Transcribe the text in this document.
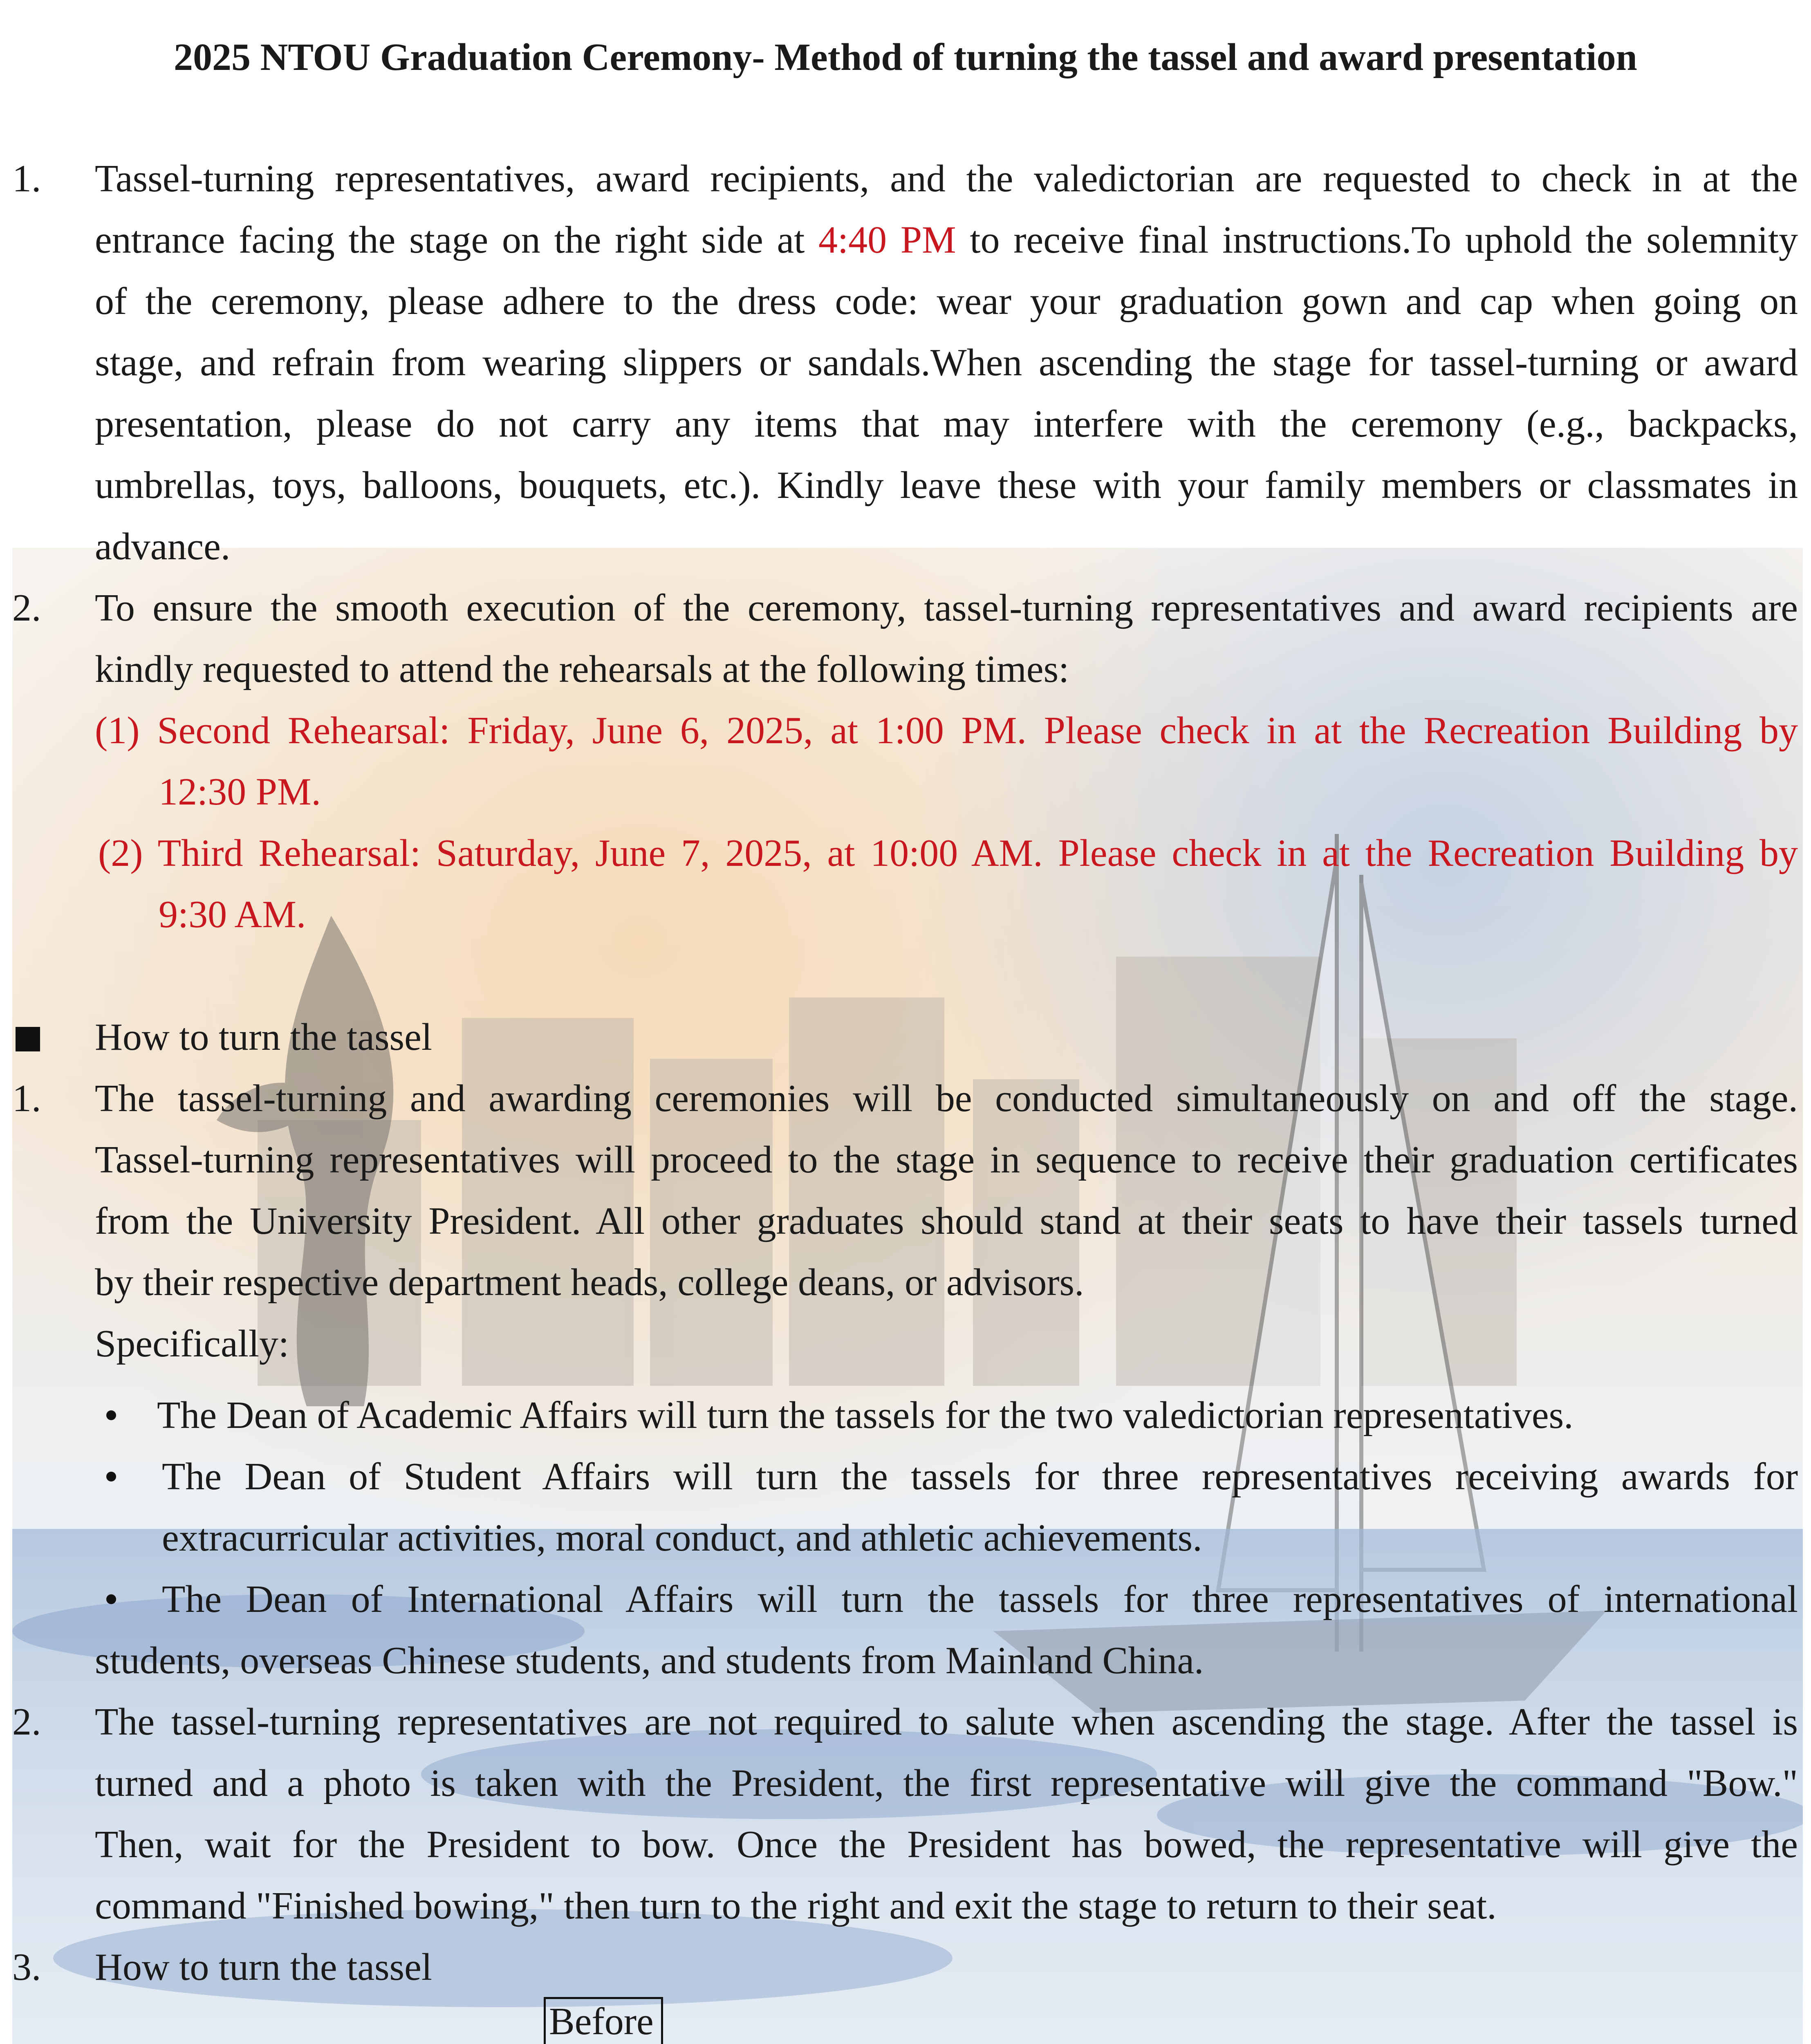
2025 NTOU Graduation Ceremony- Method of turning the tassel and award presentation
1. Tassel-turning representatives, award recipients, and the valedictorian are requested to check in at the
entrance facing the stage on the right side at 4:40 PM to receive final instructions.To uphold the solemnity
of the ceremony, please adhere to the dress code: wear your graduation gown and cap when going on
stage, and refrain from wearing slippers or sandals.When ascending the stage for tassel-turning or award
presentation, please do not carry any items that may interfere with the ceremony (e.g., backpacks,
umbrellas, toys, balloons, bouquets, etc.). Kindly leave these with your family members or classmates in
advance.
2. To ensure the smooth execution of the ceremony, tassel-turning representatives and award recipients are
kindly requested to attend the rehearsals at the following times:
(1) Second Rehearsal: Friday, June 6, 2025, at 1:00 PM. Please check in at the Recreation Building by
12:30 PM.
(2) Third Rehearsal: Saturday, June 7, 2025, at 10:00 AM. Please check in at the Recreation Building by
9:30 AM.
How to turn the tassel
1. The tassel-turning and awarding ceremonies will be conducted simultaneously on and off the stage.
Tassel-turning representatives will proceed to the stage in sequence to receive their graduation certificates
from the University President. All other graduates should stand at their seats to have their tassels turned
by their respective department heads, college deans, or advisors.
Specifically:
The Dean of Academic Affairs will turn the tassels for the two valedictorian representatives.
The Dean of Student Affairs will turn the tassels for three representatives receiving awards for
extracurricular activities, moral conduct, and athletic achievements.
The Dean of International Affairs will turn the tassels for three representatives of international
students, overseas Chinese students, and students from Mainland China.
2. The tassel-turning representatives are not required to salute when ascending the stage. After the tassel is
turned and a photo is taken with the President, the first representative will give the command "Bow."
Then, wait for the President to bow. Once the President has bowed, the representative will give the
command "Finished bowing," then turn to the right and exit the stage to return to their seat.
3. How to turn the tassel
Before
